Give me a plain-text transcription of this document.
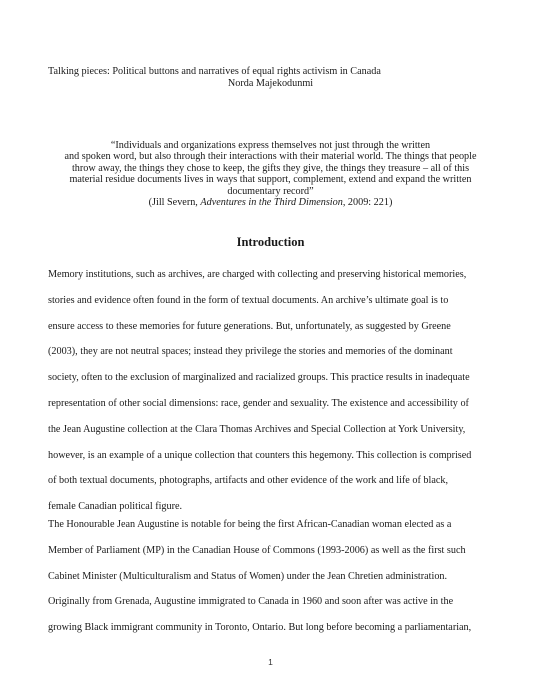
Talking pieces: Political buttons and narratives of equal rights activism in Canada
Norda Majekodunmi
“Individuals and organizations express themselves not just through the written
and spoken word, but also through their interactions with their material world. The things that people
throw away, the things they chose to keep, the gifts they give, the things they treasure – all of this
material residue documents lives in ways that support, complement, extend and expand the written
documentary record”
(Jill Severn, Adventures in the Third Dimension, 2009: 221)
Introduction
Memory institutions, such as archives, are charged with collecting and preserving historical memories,
stories and evidence often found in the form of textual documents. An archive’s ultimate goal is to
ensure access to these memories for future generations. But, unfortunately, as suggested by Greene
(2003), they are not neutral spaces; instead they privilege the stories and memories of the dominant
society, often to the exclusion of marginalized and racialized groups. This practice results in inadequate
representation of other social dimensions: race, gender and sexuality. The existence and accessibility of
the Jean Augustine collection at the Clara Thomas Archives and Special Collection at York University,
however, is an example of a unique collection that counters this hegemony. This collection is comprised
of both textual documents, photographs, artifacts and other evidence of the work and life of black,
female Canadian political figure.
The Honourable Jean Augustine is notable for being the first African-Canadian woman elected as a
Member of Parliament (MP) in the Canadian House of Commons (1993-2006) as well as the first such
Cabinet Minister (Multiculturalism and Status of Women) under the Jean Chretien administration.
Originally from Grenada, Augustine immigrated to Canada in 1960 and soon after was active in the
growing Black immigrant community in Toronto, Ontario. But long before becoming a parliamentarian,
1
